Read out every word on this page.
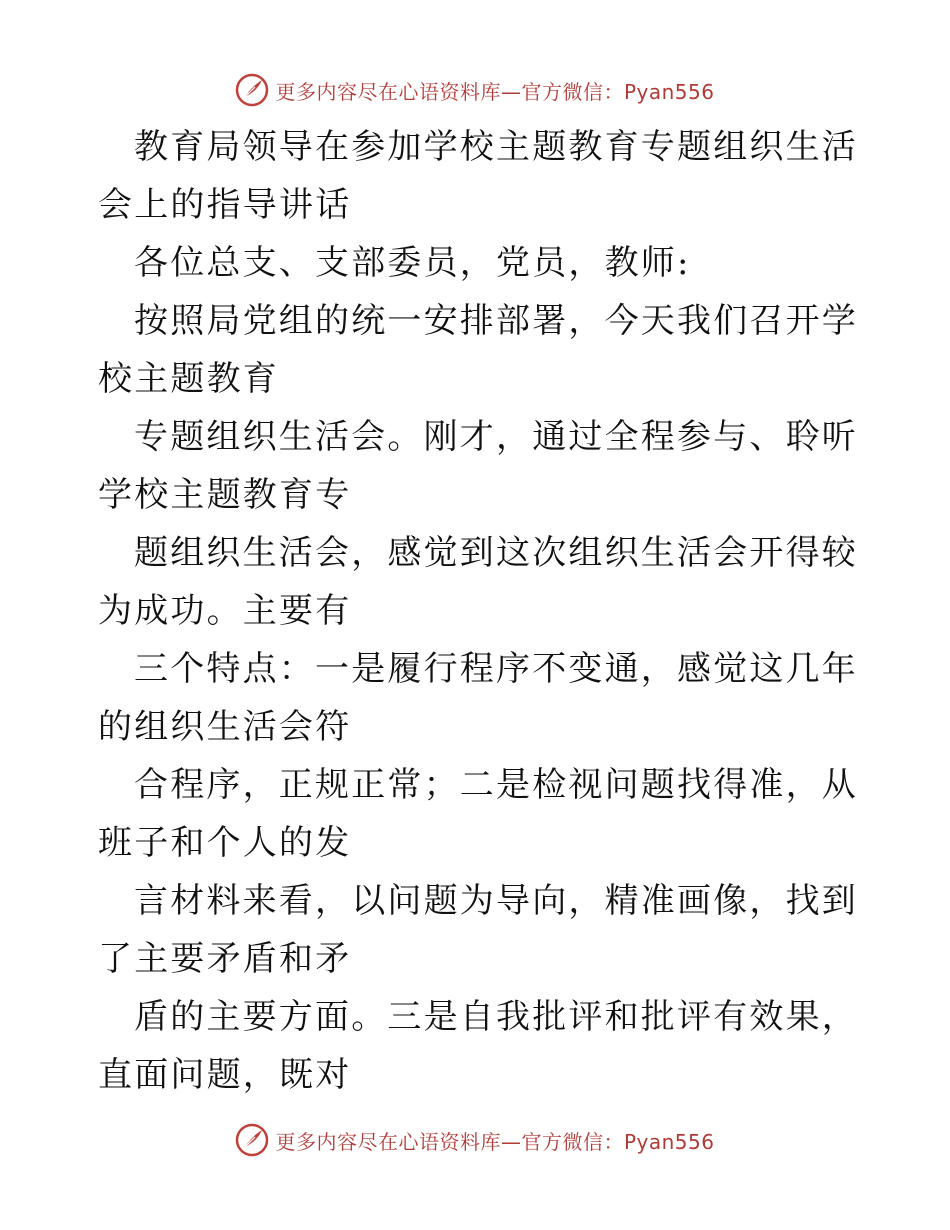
更多内容尽在心语资料库—官方微信：Pyan556

教育局领导在参加学校主题教育专题组织生活会上的指导讲话

各位总支、支部委员，党员，教师:

按照局党组的统一安排部署，今天我们召开学校主题教育

专题组织生活会。刚才，通过全程参与、聆听学校主题教育专

题组织生活会，感觉到这次组织生活会开得较为成功。主要有

三个特点：一是履行程序不变通，感觉这几年的组织生活会符

合程序，正规正常；二是检视问题找得准，从班子和个人的发

言材料来看，以问题为导向，精准画像，找到了主要矛盾和矛

盾的主要方面。三是自我批评和批评有效果，直面问题，既对

更多内容尽在心语资料库—官方微信：Pyan556
